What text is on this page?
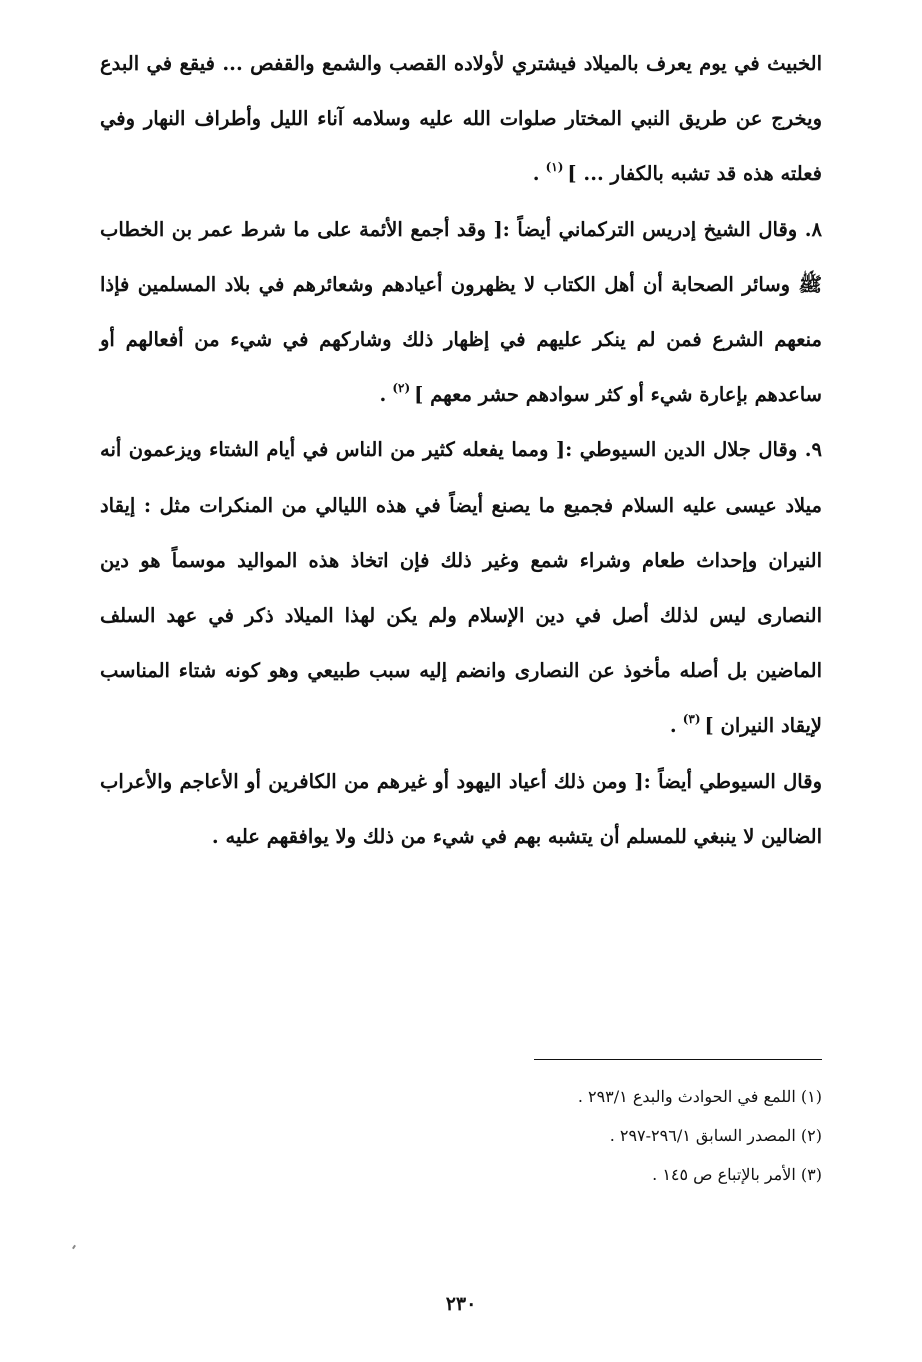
الخبيث في يوم يعرف بالميلاد فيشتري لأولاده القصب والشمع والقفص ... فيقع في البدع ويخرج عن طريق النبي المختار صلوات الله عليه وسلامه آناء الليل وأطراف النهار وفي فعلته هذه قد تشبه بالكفار ... ]$^{(١)}$.

٨. وقال الشيخ إدريس التركماني أيضاً :[ وقد أجمع الأئمة على ما شرط عمر بن الخطاب ﷺ وسائر الصحابة أن أهل الكتاب لا يظهرون أعيادهم وشعائرهم في بلاد المسلمين فإذا منعهم الشرع فمن لم ينكر عليهم في إظهار ذلك وشاركهم في شيء من أفعالهم أو ساعدهم بإعارة شيء أو كثر سوادهم حشر معهم ]$^{(٢)}$.

٩. وقال جلال الدين السيوطي :[ ومما يفعله كثير من الناس في أيام الشتاء ويزعمون أنه ميلاد عيسى عليه السلام فجميع ما يصنع أيضاً في هذه الليالي من المنكرات مثل : إيقاد النيران وإحداث طعام وشراء شمع وغير ذلك فإن اتخاذ هذه المواليد موسماً هو دين النصارى ليس لذلك أصل في دين الإسلام ولم يكن لهذا الميلاد ذكر في عهد السلف الماضين بل أصله مأخوذ عن النصارى وانضم إليه سبب طبيعي وهو كونه شتاء المناسب لإيقاد النيران ]$^{(٣)}$.

وقال السيوطي أيضاً :[ ومن ذلك أعياد اليهود أو غيرهم من الكافرين أو الأعاجم والأعراب الضالين لا ينبغي للمسلم أن يتشبه بهم في شيء من ذلك ولا يوافقهم عليه .

(١) اللمع في الحوادث والبدع ٢٩٣/١ .
(٢) المصدر السابق ٢٩٦/١-٢٩٧ .
(٣) الأمر بالإتباع ص ١٤٥ .
٢٣٠
